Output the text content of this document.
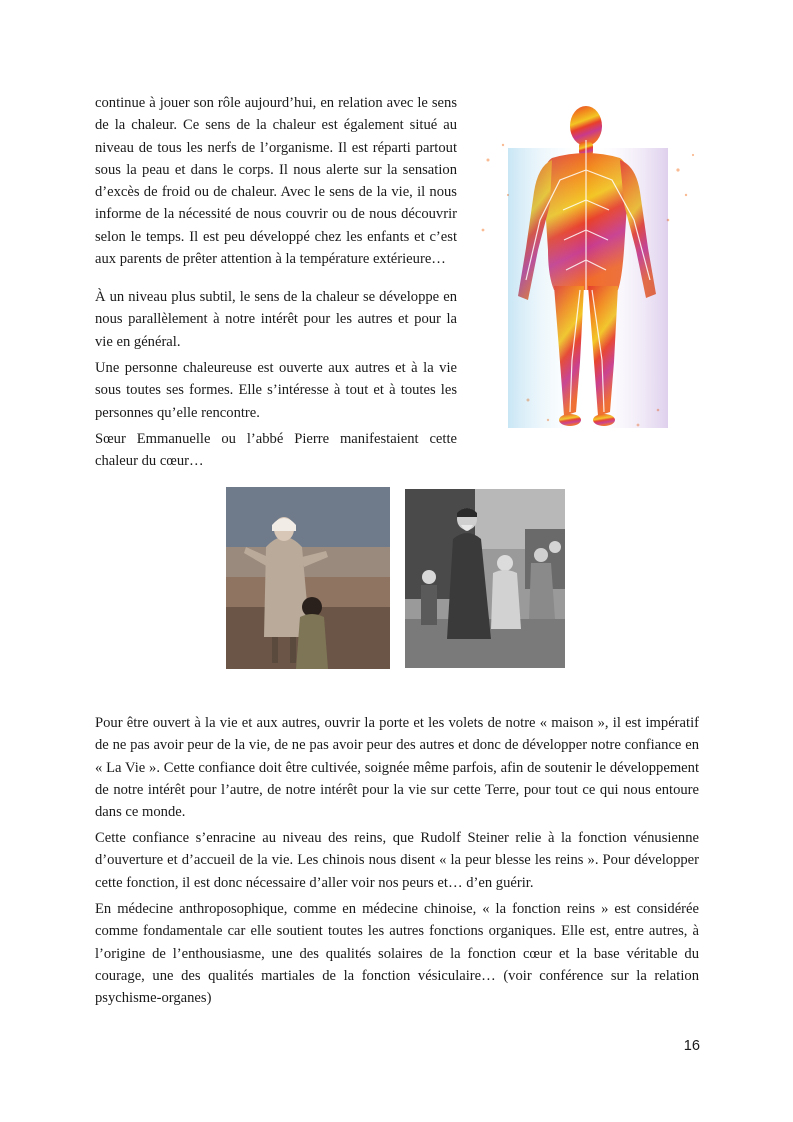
continue à jouer son rôle aujourd’hui, en relation avec le sens de la chaleur. Ce sens de la chaleur est également situé au niveau de tous les nerfs de l’organisme. Il est réparti partout sous la peau et dans le corps. Il nous alerte sur la sensation d’excès de froid ou de chaleur. Avec le sens de la vie, il nous informe de la nécessité de nous couvrir ou de nous découvrir selon le temps. Il est peu développé chez les enfants et c’est aux parents de prêter attention à la température extérieure…

À un niveau plus subtil, le sens de la chaleur se développe en nous parallèlement à notre intérêt pour les autres et pour la vie en général.

Une personne chaleureuse est ouverte aux autres et à la vie sous toutes ses formes. Elle s’intéresse à tout et à toutes les personnes qu’elle rencontre.

Sœur Emmanuelle ou l’abbé Pierre manifestaient cette chaleur du cœur…

Pour être ouvert à la vie et aux autres, ouvrir la porte et les volets de notre « maison », il est impératif de ne pas avoir peur de la vie, de ne pas avoir peur des autres et donc de développer notre confiance en « La Vie ». Cette confiance doit être cultivée, soignée même parfois, afin de soutenir le développement de notre intérêt pour l’autre, de notre intérêt pour la vie sur cette Terre, pour tout ce qui nous entoure dans ce monde.

Cette confiance s’enracine au niveau des reins, que Rudolf Steiner relie à la fonction vénusienne d’ouverture et d’accueil de la vie. Les chinois nous disent « la peur blesse les reins ». Pour développer cette fonction, il est donc nécessaire d’aller voir nos peurs et… d’en guérir.

En médecine anthroposophique, comme en médecine chinoise, « la fonction reins » est considérée comme fondamentale car elle soutient toutes les autres fonctions organiques. Elle est, entre autres, à l’origine de l’enthousiasme, une des qualités solaires de la fonction cœur et la base véritable du courage, une des qualités martiales de la fonction vésiculaire… (voir conférence sur la relation psychisme-organes)

16
